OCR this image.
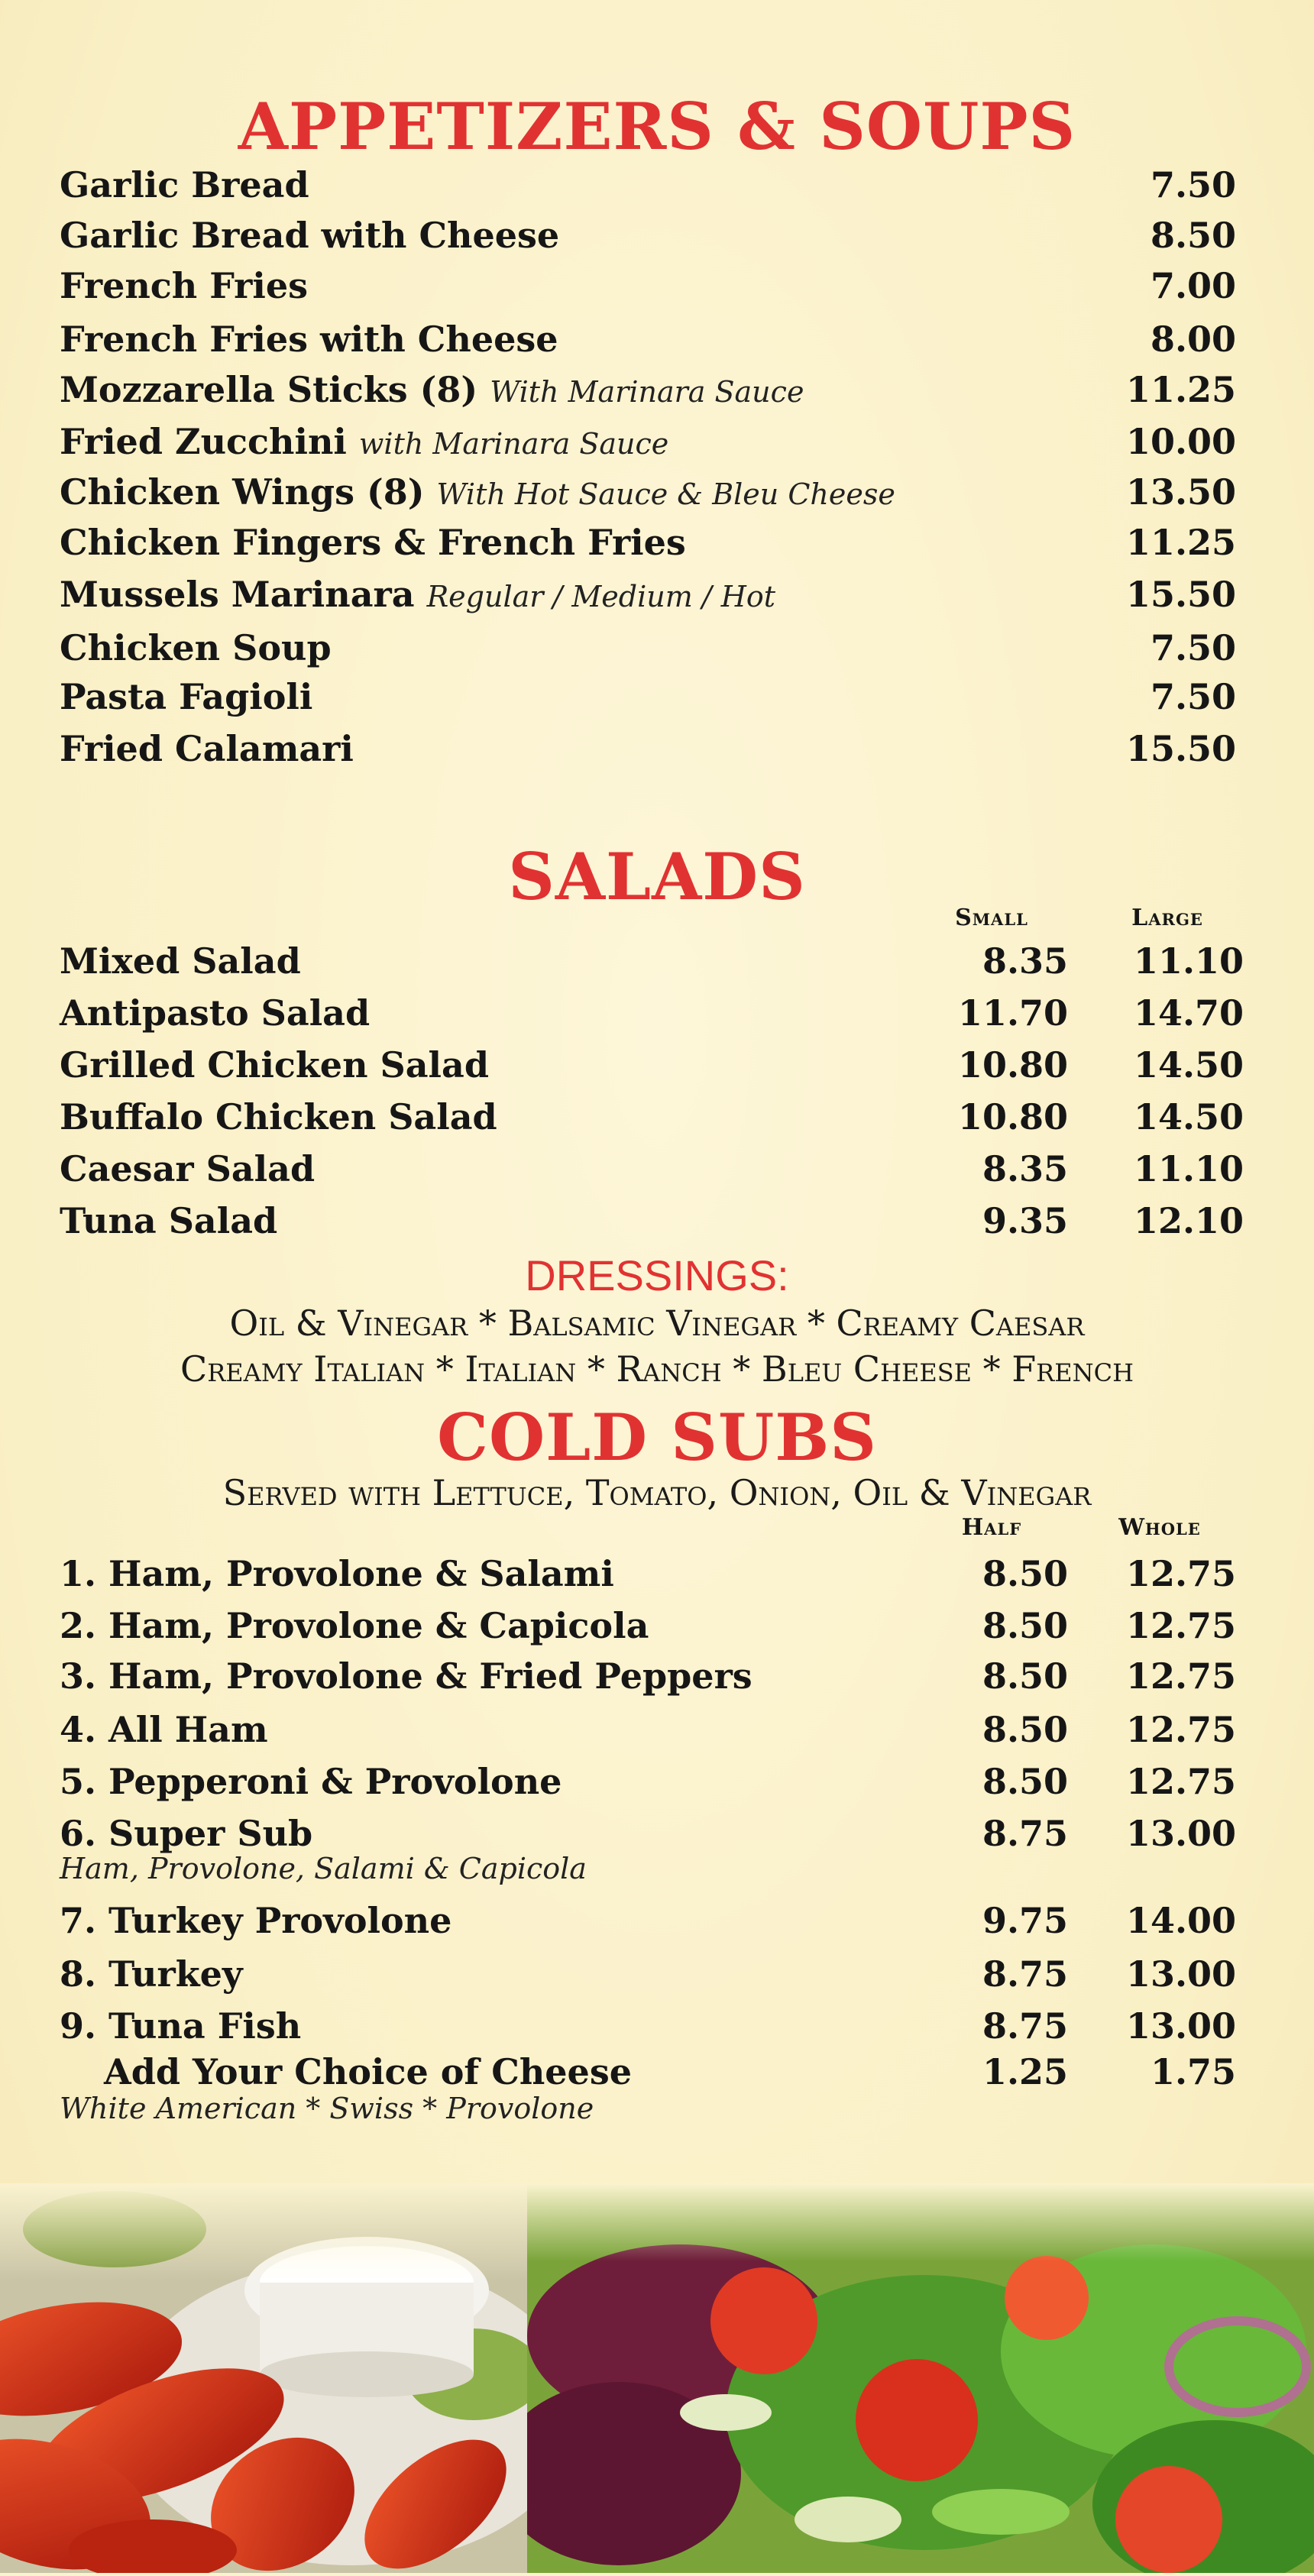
APPETIZERS & SOUPS
Garlic Bread	7.50
Garlic Bread with Cheese	8.50
French Fries	7.00
French Fries with Cheese	8.00
Mozzarella Sticks (8) With Marinara Sauce	11.25
Fried Zucchini with Marinara Sauce	10.00
Chicken Wings (8) With Hot Sauce & Bleu Cheese	13.50
Chicken Fingers & French Fries	11.25
Mussels Marinara Regular / Medium / Hot	15.50
Chicken Soup	7.50
Pasta Fagioli	7.50
Fried Calamari	15.50
SALADS
Small	Large
Mixed Salad	8.35	11.10
Antipasto Salad	11.70	14.70
Grilled Chicken Salad	10.80	14.50
Buffalo Chicken Salad	10.80	14.50
Caesar Salad	8.35	11.10
Tuna Salad	9.35	12.10
DRESSINGS:
Oil & Vinegar * Balsamic Vinegar * Creamy Caesar
Creamy Italian * Italian * Ranch * Bleu Cheese * French
COLD SUBS
Served with Lettuce, Tomato, Onion, Oil & Vinegar
Half	Whole
1. Ham, Provolone & Salami	8.50	12.75
2. Ham, Provolone & Capicola	8.50	12.75
3. Ham, Provolone & Fried Peppers	8.50	12.75
4. All Ham	8.50	12.75
5. Pepperoni & Provolone	8.50	12.75
6. Super Sub	8.75	13.00
7. Turkey Provolone	9.75	14.00
8. Turkey	8.75	13.00
9. Tuna Fish	8.75	13.00
Ham, Provolone, Salami & Capicola
Add Your Choice of Cheese	1.25	1.75
White American * Swiss * Provolone
